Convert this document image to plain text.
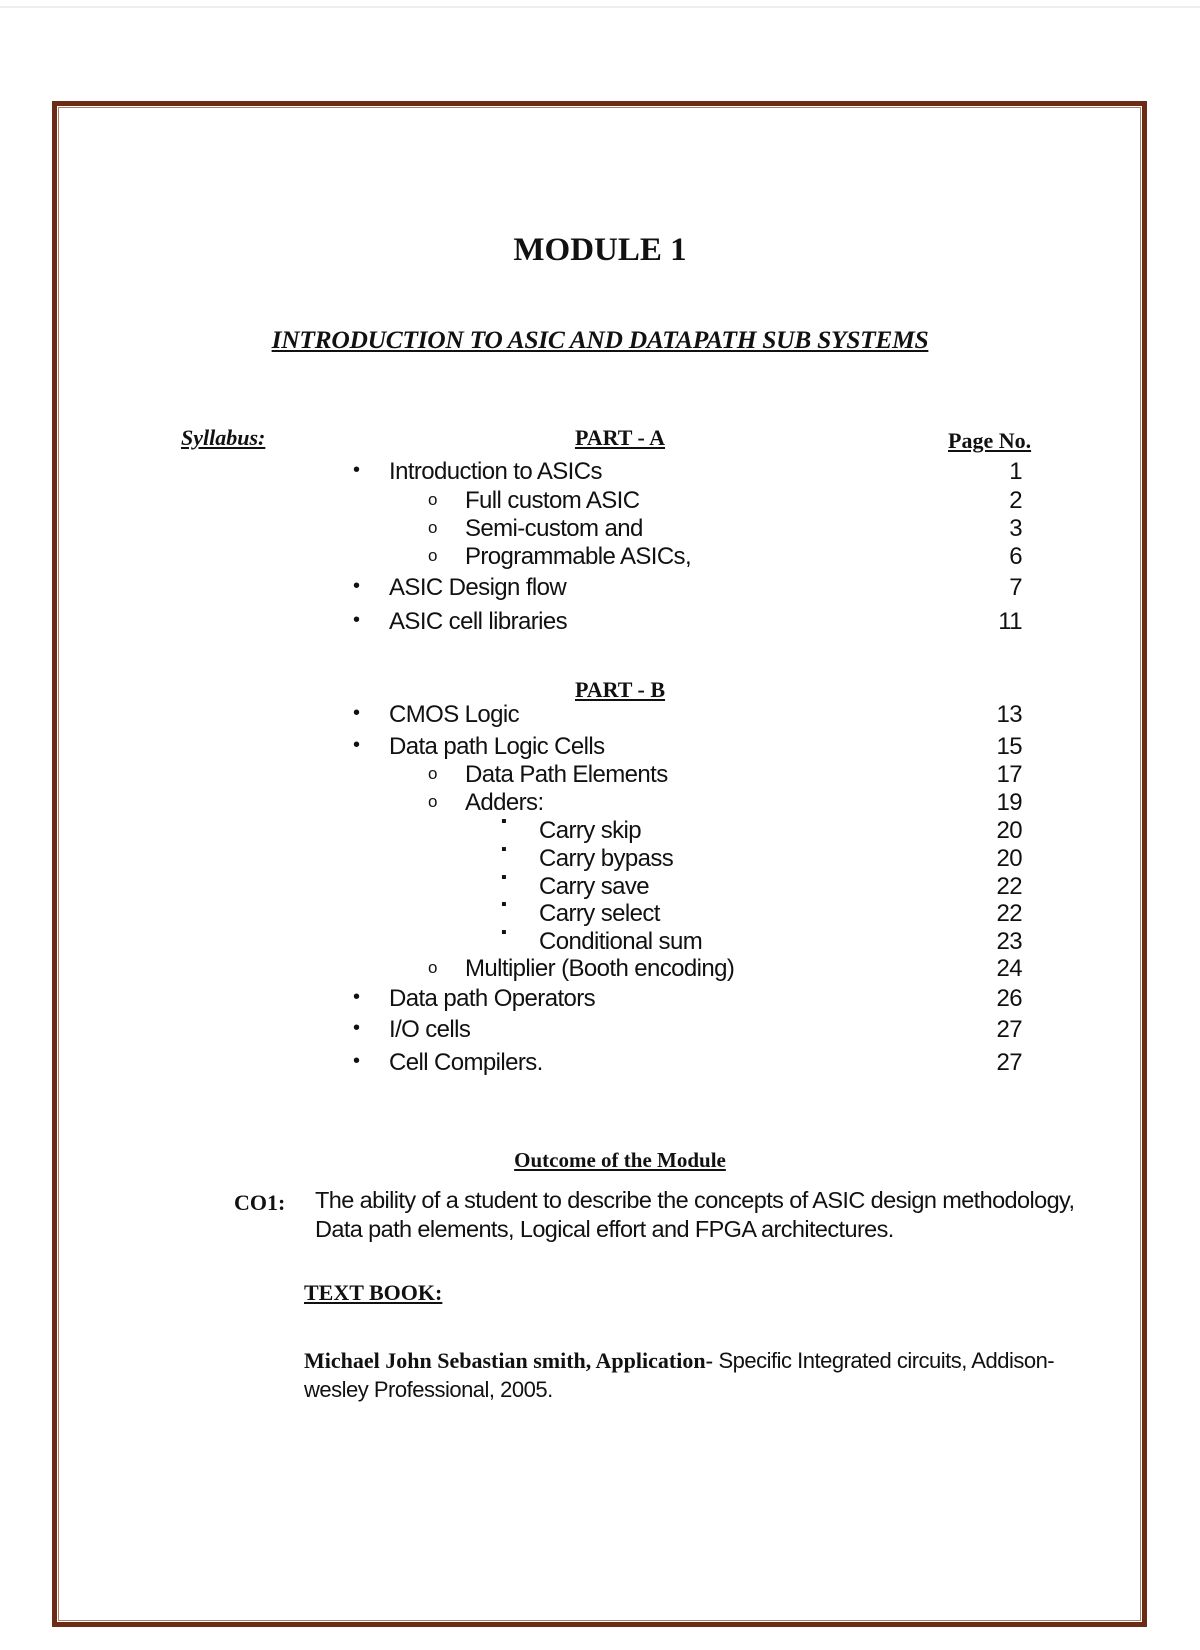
MODULE 1
INTRODUCTION TO ASIC AND DATAPATH SUB SYSTEMS
Syllabus:	PART - A	Page No.
• Introduction to ASICs	1
o Full custom ASIC	2
o Semi-custom and	3
o Programmable ASICs,	6
• ASIC Design flow	7
• ASIC cell libraries	11
PART - B
• CMOS Logic	13
• Data path Logic Cells	15
o Data Path Elements	17
o Adders:	19
▪ Carry skip	20
▪ Carry bypass	20
▪ Carry save	22
▪ Carry select	22
▪ Conditional sum	23
o Multiplier (Booth encoding)	24
• Data path Operators	26
• I/O cells	27
• Cell Compilers.	27
Outcome of the Module
CO1: The ability of a student to describe the concepts of ASIC design methodology, Data path elements, Logical effort and FPGA architectures.
TEXT BOOK:
Michael John Sebastian smith, Application- Specific Integrated circuits, Addison-wesley Professional, 2005.
